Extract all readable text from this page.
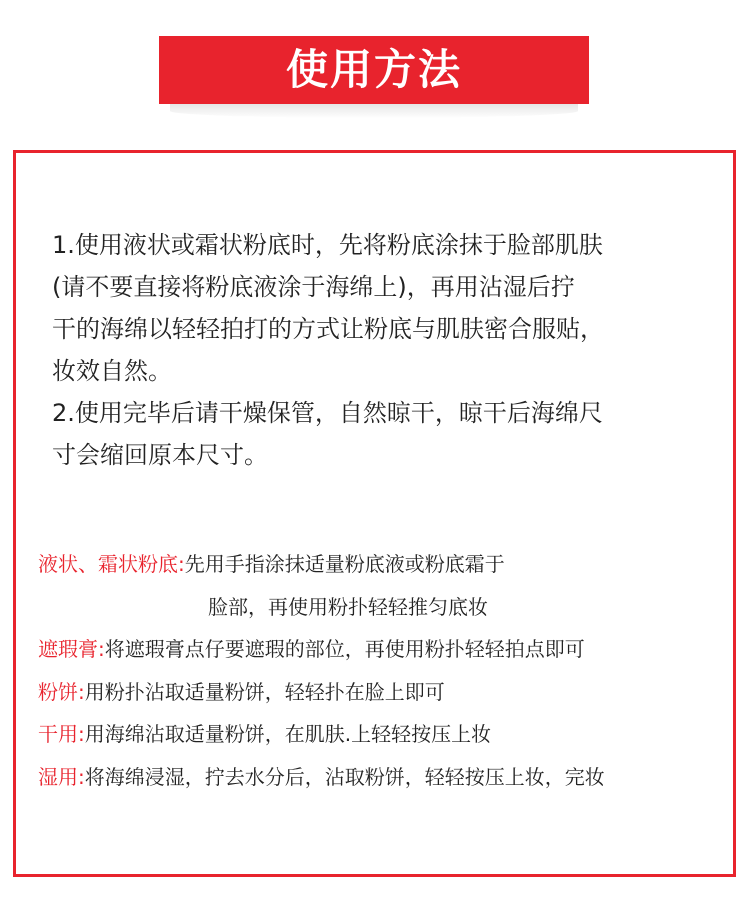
使用方法
1.使用液状或霜状粉底时，先将粉底涂抹于脸部肌肤
(请不要直接将粉底液涂于海绵上)，再用沾湿后拧
干的海绵以轻轻拍打的方式让粉底与肌肤密合服贴，
妆效自然。
2.使用完毕后请干燥保管，自然晾干，晾干后海绵尺
寸会缩回原本尺寸。
液状、霜状粉底:先用手指涂抹适量粉底液或粉底霜于
脸部，再使用粉扑轻轻推匀底妆
遮瑕膏:将遮瑕膏点仔要遮瑕的部位，再使用粉扑轻轻拍点即可
粉饼:用粉扑沾取适量粉饼，轻轻扑在脸上即可
干用:用海绵沾取适量粉饼，在肌肤.上轻轻按压上妆
湿用:将海绵浸湿，拧去水分后，沾取粉饼，轻轻按压上妆，完妆
